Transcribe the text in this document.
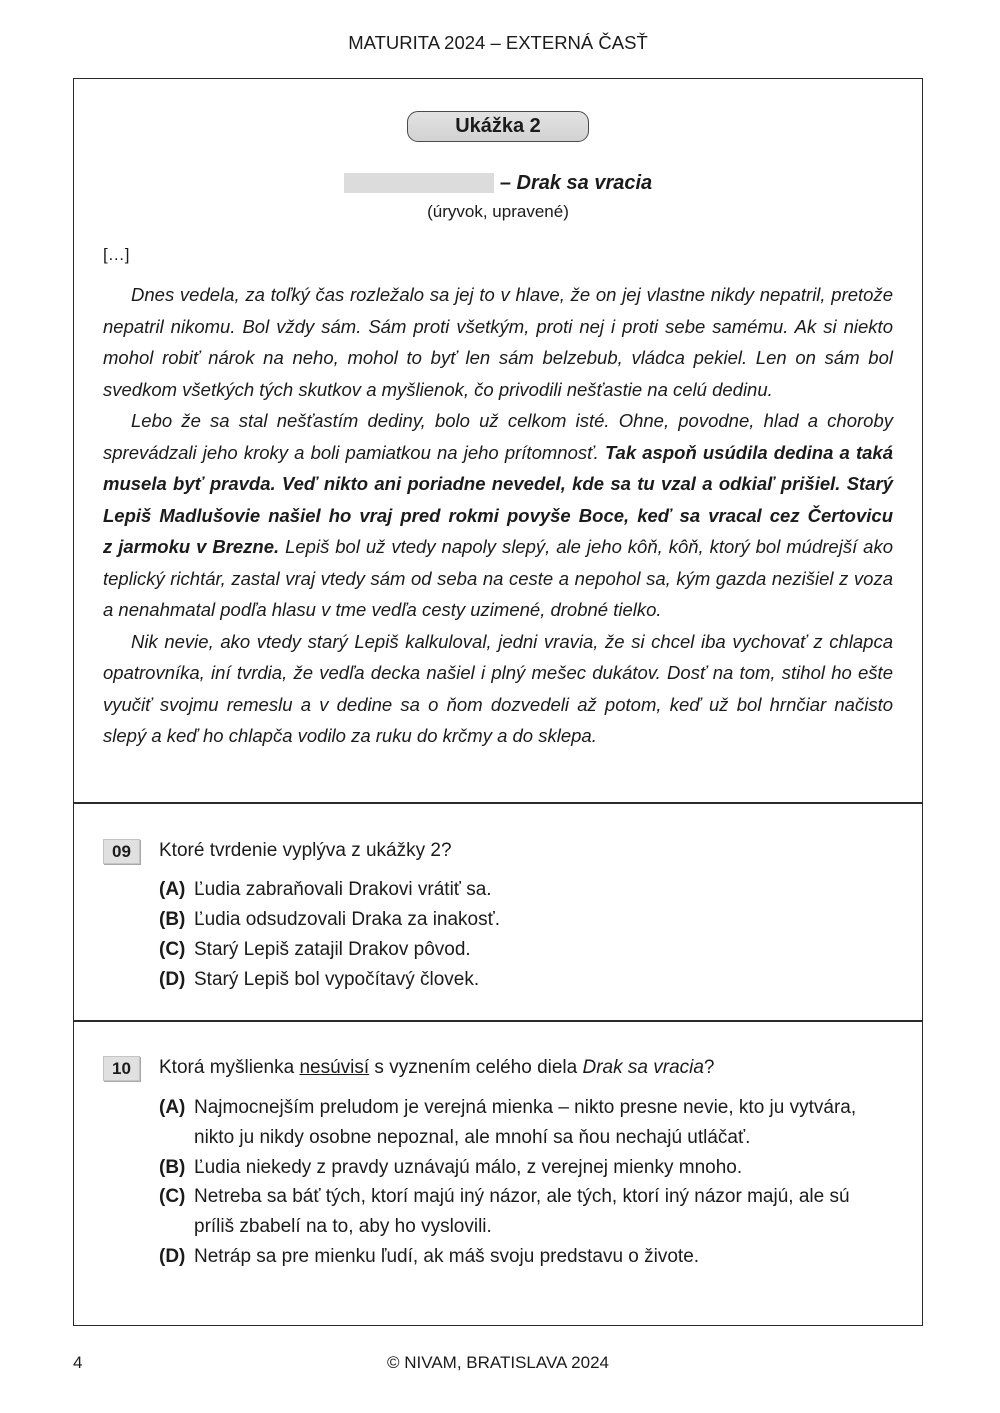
MATURITA 2024 – EXTERNÁ ČASŤ
Ukážka 2
– Drak sa vracia
(úryvok, upravené)
[…]
Dnes vedela, za toľký čas rozležalo sa jej to v hlave, že on jej vlastne nikdy nepatril, pretože
nepatril nikomu. Bol vždy sám. Sám proti všetkým, proti nej i proti sebe samému. Ak si niekto
mohol robiť nárok na neho, mohol to byť len sám belzebub, vládca pekiel. Len on sám bol
svedkom všetkých tých skutkov a myšlienok, čo privodili nešťastie na celú dedinu.
Lebo že sa stal nešťastím dediny, bolo už celkom isté. Ohne, povodne, hlad a choroby
sprevádzali jeho kroky a boli pamiatkou na jeho prítomnosť. Tak aspoň usúdila dedina a taká
musela byť pravda. Veď nikto ani poriadne nevedel, kde sa tu vzal a odkiaľ prišiel. Starý
Lepiš Madlušovie našiel ho vraj pred rokmi povyše Boce, keď sa vracal cez Čertovicu
z jarmoku v Brezne. Lepiš bol už vtedy napoly slepý, ale jeho kôň, kôň, ktorý bol múdrejší ako
teplický richtár, zastal vraj vtedy sám od seba na ceste a nepohol sa, kým gazda nezišiel z voza
a nenahmatal podľa hlasu v tme vedľa cesty uzimené, drobné tielko.
Nik nevie, ako vtedy starý Lepiš kalkuloval, jedni vravia, že si chcel iba vychovať z chlapca
opatrovníka, iní tvrdia, že vedľa decka našiel i plný mešec dukátov. Dosť na tom, stihol ho ešte
vyučiť svojmu remeslu a v dedine sa o ňom dozvedeli až potom, keď už bol hrnčiar načisto
slepý a keď ho chlapča vodilo za ruku do krčmy a do sklepa.
09	Ktoré tvrdenie vyplýva z ukážky 2?
(A) Ľudia zabraňovali Drakovi vrátiť sa.
(B) Ľudia odsudzovali Draka za inakosť.
(C) Starý Lepiš zatajil Drakov pôvod.
(D) Starý Lepiš bol vypočítavý človek.
10	Ktorá myšlienka nesúvisí s vyznením celého diela Drak sa vracia?
(A) Najmocnejším preludom je verejná mienka – nikto presne nevie, kto ju vytvára,
nikto ju nikdy osobne nepoznal, ale mnohí sa ňou nechajú utláčať.
(B) Ľudia niekedy z pravdy uznávajú málo, z verejnej mienky mnoho.
(C) Netreba sa báť tých, ktorí majú iný názor, ale tých, ktorí iný názor majú, ale sú
príliš zbabelí na to, aby ho vyslovili.
(D) Netráp sa pre mienku ľudí, ak máš svoju predstavu o živote.
4	© NIVAM, BRATISLAVA 2024
